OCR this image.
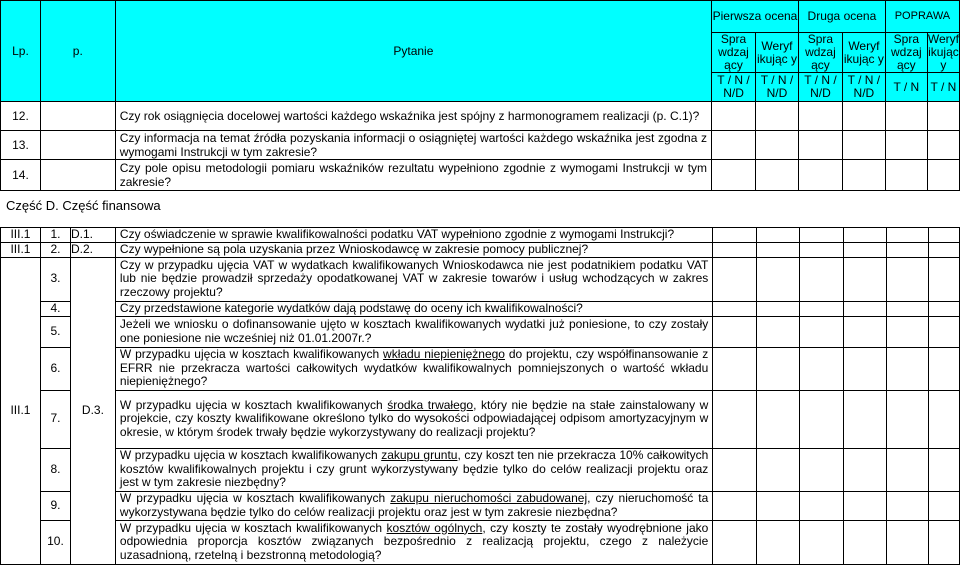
Lp.	p.	Pytanie	Pierwsza ocena		Druga ocena		POPRAWA	
			Spra wdzaj ący	Weryf ikując y	Spra wdzaj ący	Weryf ikując y	Spra wdzaj ący	Weryf ikując y
			T / N / N/D	T / N / N/D	T / N / N/D	T / N / N/D	T / N	T / N
12.		Czy rok osiągnięcia docelowej wartości każdego wskaźnika jest spójny z harmonogramem realizacji (p. C.1)?						
13.		Czy informacja na temat źródła pozyskania informacji o osiągniętej wartości każdego wskaźnika jest zgodna z wymogami Instrukcji w tym zakresie?						
14.		Czy pole opisu metodologii pomiaru wskaźników rezultatu wypełniono zgodnie z wymogami Instrukcji w tym zakresie?						
Część D. Część finansowa
III.1	1.	D.1.	Czy oświadczenie w sprawie kwalifikowalności podatku VAT wypełniono zgodnie z wymogami Instrukcji?						
III.1	2.	D.2.	Czy wypełnione są pola uzyskania przez Wnioskodawcę w zakresie pomocy publicznej?						
III.1	3.	D.3.	Czy w przypadku ujęcia VAT w wydatkach kwalifikowanych Wnioskodawca nie jest podatnikiem podatku VAT lub nie będzie prowadził sprzedaży opodatkowanej VAT w zakresie towarów i usług wchodzących w zakres rzeczowy projektu?						
	4.		Czy przedstawione kategorie wydatków dają podstawę do oceny ich kwalifikowalności?						
	5.		Jeżeli we wniosku o dofinansowanie ujęto w kosztach kwalifikowanych wydatki już poniesione, to czy zostały one poniesione nie wcześniej niż 01.01.2007r.?						
	6.		W przypadku ujęcia w kosztach kwalifikowanych wkładu niepieniężnego do projektu, czy współfinansowanie z EFRR nie przekracza wartości całkowitych wydatków kwalifikowalnych pomniejszonych o wartość wkładu niepieniężnego?						
	7.		W przypadku ujęcia w kosztach kwalifikowanych środka trwałego, który nie będzie na stałe zainstalowany w projekcie, czy koszty kwalifikowane określono tylko do wysokości odpowiadającej odpisom amortyzacyjnym w okresie, w którym środek trwały będzie wykorzystywany do realizacji projektu?						
	8.		W przypadku ujęcia w kosztach kwalifikowanych zakupu gruntu, czy koszt ten nie przekracza 10% całkowitych kosztów kwalifikowalnych projektu i czy grunt wykorzystywany będzie tylko do celów realizacji projektu oraz jest w tym zakresie niezbędny?						
	9.		W przypadku ujęcia w kosztach kwalifikowanych zakupu nieruchomości zabudowanej, czy nieruchomość ta wykorzystywana będzie tylko do celów realizacji projektu oraz jest w tym zakresie niezbędna?						
	10.		W przypadku ujęcia w kosztach kwalifikowanych kosztów ogólnych, czy koszty te zostały wyodrębnione jako odpowiednia proporcja kosztów związanych bezpośrednio z realizacją projektu, czego z należycie uzasadnioną, rzetelną i bezstronną metodologią?						
